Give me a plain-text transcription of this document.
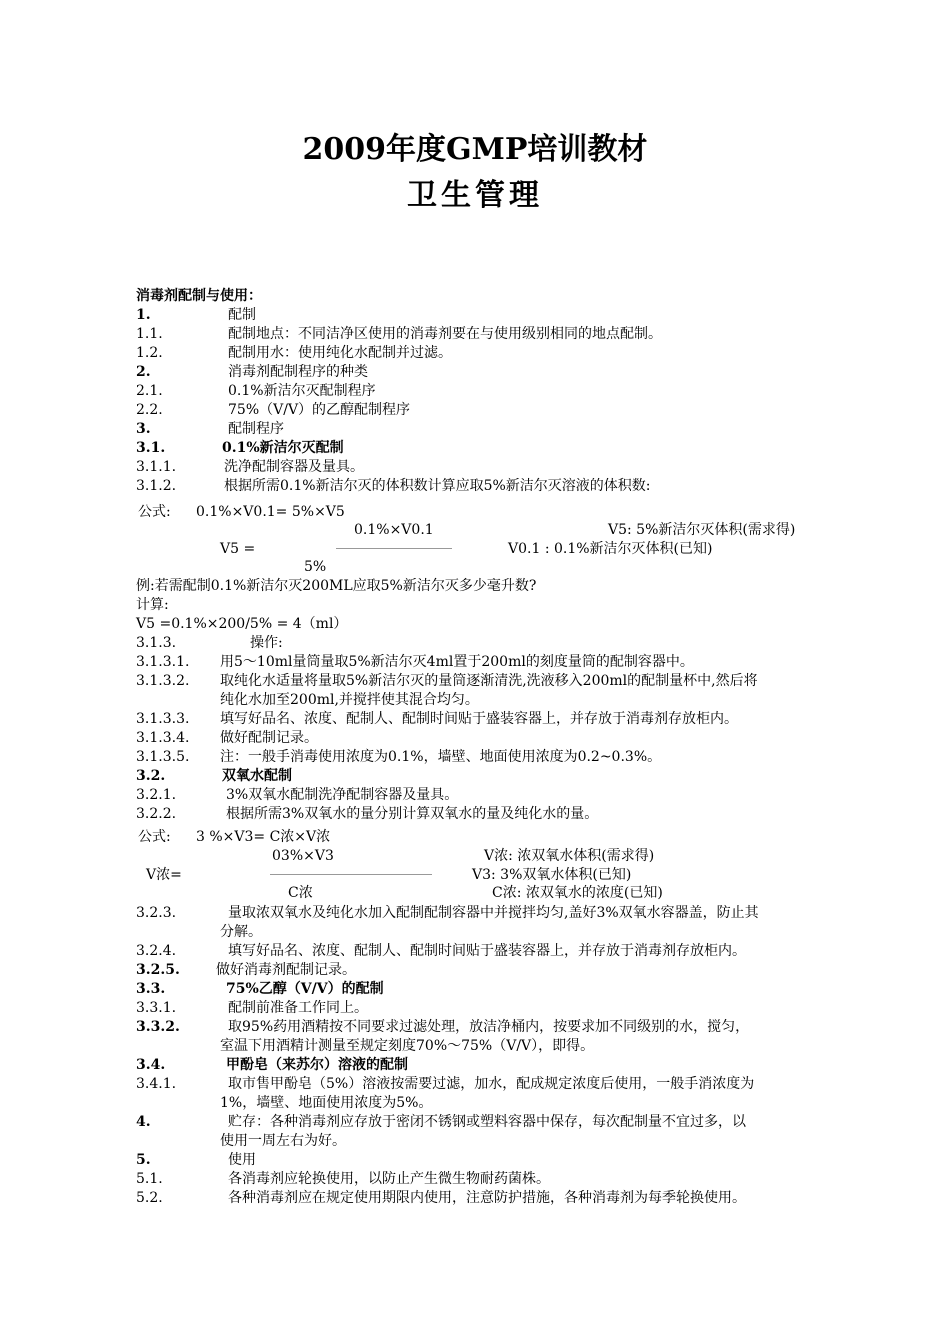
2009年度GMP培训教材
卫生管理
消毒剂配制与使用：
1.	配制
1.1.	配制地点：不同洁净区使用的消毒剂要在与使用级别相同的地点配制。
1.2.	配制用水：使用纯化水配制并过滤。
2.	消毒剂配制程序的种类
2.1.	0.1%新洁尔灭配制程序
2.2.	75%（V/V）的乙醇配制程序
3.	配制程序
3.1.	0.1%新洁尔灭配制
3.1.1.	洗净配制容器及量具。
3.1.2.	根据所需0.1%新洁尔灭的体积数计算应取5%新洁尔灭溶液的体积数:
公式: 0.1%×V0.1= 5%×V5
0.1%×V0.1
V5 =
5%
V5: 5%新洁尔灭体积(需求得)
V0.1 : 0.1%新洁尔灭体积(已知)
例:若需配制0.1%新洁尔灭200ML应取5%新洁尔灭多少毫升数?
计算:
V5 =0.1%×200/5% = 4（ml）
3.1.3.	操作:
3.1.3.1. 用5～10ml量筒量取5%新洁尔灭4ml置于200ml的刻度量筒的配制容器中。
3.1.3.2. 取纯化水适量将量取5%新洁尔灭的量筒逐渐清洗,洗液移入200ml的配制量杯中,然后将
纯化水加至200ml,并搅拌使其混合均匀。
3.1.3.3. 填写好品名、浓度、配制人、配制时间贴于盛装容器上，并存放于消毒剂存放柜内。
3.1.3.4. 做好配制记录。
3.1.3.5. 注：一般手消毒使用浓度为0.1%，墙壁、地面使用浓度为0.2~0.3%。
3.2.	双氧水配制
3.2.1.	3%双氧水配制洗净配制容器及量具。
3.2.2.	根据所需3%双氧水的量分别计算双氧水的量及纯化水的量。
公式: 3 %×V3= C浓×V浓
03%×V3
V浓=
C浓
V浓: 浓双氧水体积(需求得)
V3: 3%双氧水体积(已知)
C浓: 浓双氧水的浓度(已知)
3.2.3.	量取浓双氧水及纯化水加入配制配制容器中并搅拌均匀,盖好3%双氧水容器盖，防止其
分解。
3.2.4.	填写好品名、浓度、配制人、配制时间贴于盛装容器上，并存放于消毒剂存放柜内。
3.2.5.	做好消毒剂配制记录。
3.3.	75%乙醇（V/V）的配制
3.3.1.	配制前准备工作同上。
3.3.2.	取95%药用酒精按不同要求过滤处理，放洁净桶内，按要求加不同级别的水，搅匀，
室温下用酒精计测量至规定刻度70%～75%（V/V），即得。
3.4.	甲酚皂（来苏尔）溶液的配制
3.4.1.	取市售甲酚皂（5%）溶液按需要过滤，加水，配成规定浓度后使用，一般手消浓度为
1%，墙壁、地面使用浓度为5%。
4.	贮存：各种消毒剂应存放于密闭不锈钢或塑料容器中保存，每次配制量不宜过多，以
使用一周左右为好。
5.	使用
5.1.	各消毒剂应轮换使用，以防止产生微生物耐药菌株。
5.2.	各种消毒剂应在规定使用期限内使用，注意防护措施，各种消毒剂为每季轮换使用。
